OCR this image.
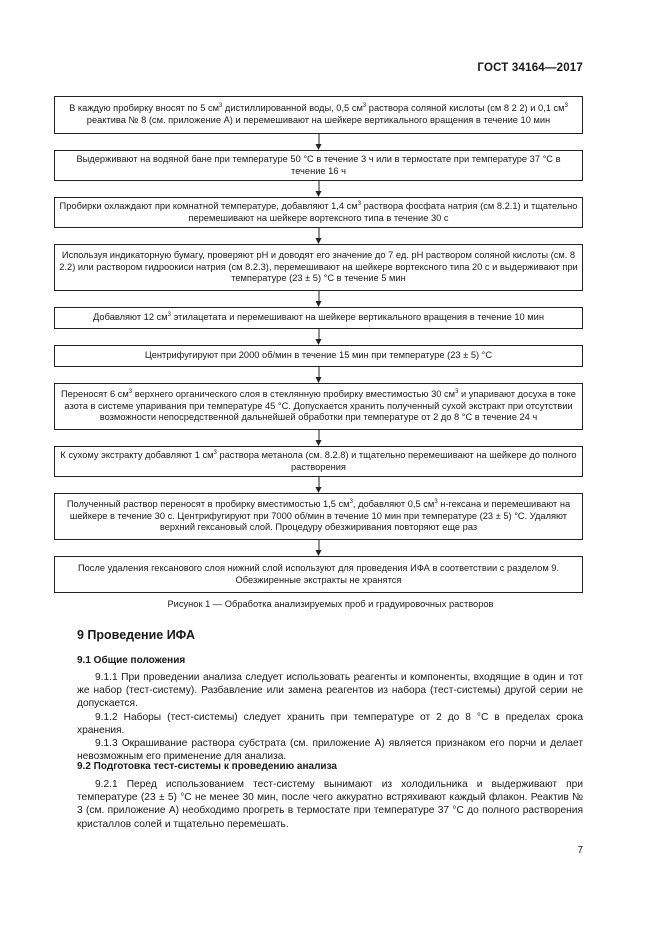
ГОСТ 34164—2017
В каждую пробирку вносят по 5 $см^3$ дистиллированной воды, 0,5 $см^3$ раствора соляной кислоты (см 8 2 2) и 0,1 $см^3$ реактива № 8 (см. приложение А) и перемешивают на шейкере вертикального вращения в течение 10 мин
Выдерживают на водяной бане при температуре 50 °С в течение 3 ч или в термостате при температуре 37 °С в течение 16 ч
Пробирки охлаждают при комнатной температуре, добавляют 1,4 $см^3$ раствора фосфата натрия (см 8.2.1) и тщательно перемешивают на шейкере вортексного типа в течение 30 с
Используя индикаторную бумагу, проверяют рН и доводят его значение до 7 ед. рН раствором соляной кислоты (см. 8 2.2) или раствором гидроокиси натрия (см 8.2.3), перемешивают на шейкере вортексного типа 20 с и выдерживают при температуре (23 ± 5) °С в течение 5 мин
Добавляют 12 $см^3$ этилацетата и перемешивают на шейкере вертикального вращения в течение 10 мин
Центрифугируют при 2000 об/мин в течение 15 мин при температуре (23 ± 5) °С
Переносят 6 $см^3$ верхнего органического слоя в стеклянную пробирку вместимостью 30 $см^3$ и упаривают досуха в токе азота в системе упаривания при температуре 45 °С. Допускается хранить полученный сухой экстракт при отсутствии возможности непосредственной дальнейшей обработки при температуре от 2 до 8 °С в течение 24 ч
К сухому экстракту добавляют 1 $см^3$ раствора метанола (см. 8.2.8) и тщательно перемешивают на шейкере до полного растворения
Полученный раствор переносят в пробирку вместимостью 1,5 $см^3$, добавляют 0,5 $см^3$ н-гексана и перемешивают на шейкере в течение 30 с. Центрифугируют при 7000 об/мин в течение 10 мин при температуре (23 ± 5) °С. Удаляют верхний гексановый слой. Процедуру обезжиривания повторяют еще раз
После удаления гексанового слоя нижний слой используют для проведения ИФА в соответствии с разделом 9. Обезжиренные экстракты не хранятся
Рисунок 1 — Обработка анализируемых проб и градуировочных растворов
9 Проведение ИФА
9.1 Общие положения

9.1.1 При проведении анализа следует использовать реагенты и компоненты, входящие в один и тот же набор (тест-систему). Разбавление или замена реагентов из набора (тест-системы) другой серии не допускается.

9.1.2 Наборы (тест-системы) следует хранить при температуре от 2 до 8 °С в пределах срока хранения.

9.1.3 Окрашивание раствора субстрата (см. приложение А) является признаком его порчи и делает невозможным его применение для анализа.

9.2 Подготовка тест-системы к проведению анализа

9.2.1 Перед использованием тест-систему вынимают из холодильника и выдерживают при температуре (23 ± 5) °С не менее 30 мин, после чего аккуратно встряхивают каждый флакон. Реактив № 3 (см. приложение А) необходимо прогреть в термостате при температуре 37 °С до полного растворения кристаллов солей и тщательно перемешать.

7
